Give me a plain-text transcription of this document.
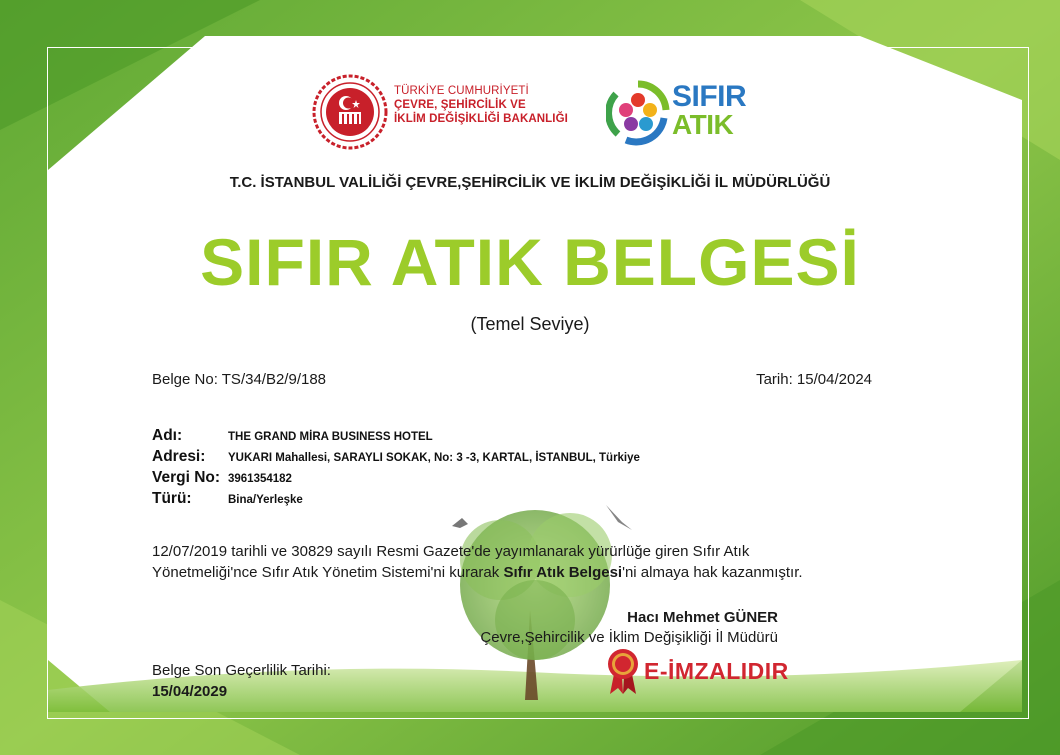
TÜRKİYE CUMHURİYETİ
ÇEVRE, ŞEHİRCİLİK VE
İKLİM DEĞİŞİKLİĞİ BAKANLIĞI
SIFIR
ATIK
T.C. İSTANBUL VALİLİĞİ ÇEVRE,ŞEHİRCİLİK VE İKLİM DEĞİŞİKLİĞİ İL MÜDÜRLÜĞÜ
SIFIR ATIK BELGESİ
(Temel Seviye)
Belge No: TS/34/B2/9/188	Tarih: 15/04/2024
Adı:	THE GRAND MİRA BUSINESS HOTEL
Adresi: YUKARI Mahallesi, SARAYLI SOKAK, No: 3 -3, KARTAL, İSTANBUL, Türkiye
Vergi No: 3961354182
Türü:	Bina/Yerleşke
12/07/2019 tarihli ve 30829 sayılı Resmi Gazete'de yayımlanarak yürürlüğe giren Sıfır Atık
Yönetmeliği'nce Sıfır Atık Yönetim Sistemi'ni kurarak Sıfır Atık Belgesi'ni almaya hak kazanmıştır.
Hacı Mehmet GÜNER
Çevre,Şehircilik ve İklim Değişikliği İl Müdürü
Belge Son Geçerlilik Tarihi:
15/04/2029
E-İMZALIDIR
